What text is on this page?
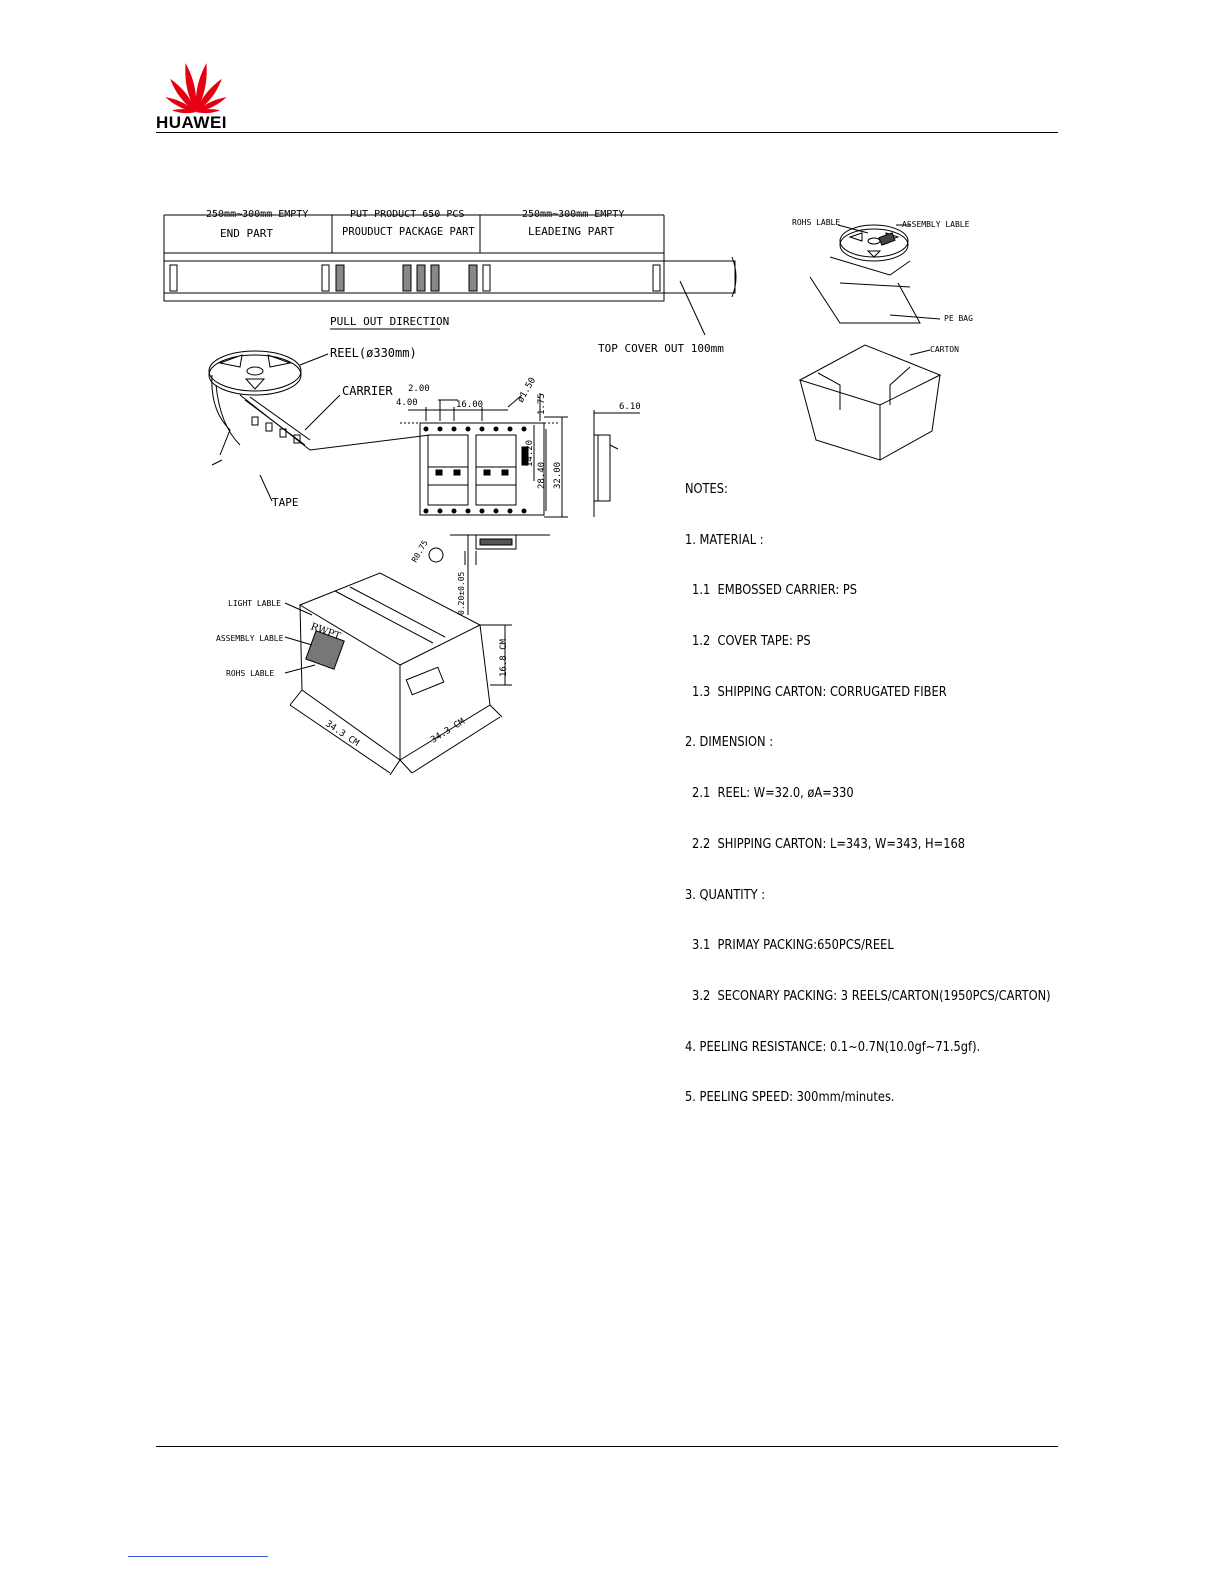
HUAWEI
250mm~300mm EMPTY	PUT PRODUCT 650 PCS	250mm~300mm EMPTY
END PART	PROUDUCT PACKAGE PART	LEADEING PART
PULL OUT DIRECTION
TOP COVER OUT 100mm
REEL(ø330mm)
CARRIER
TAPE
2.00
4.00	16.00
ø1.50
1.75
14.20
28.40 32.00
6.10
R0.75
0.20±0.05
ROHS LABLE	ASSEMBLY LABLE
PE BAG
CARTON
LIGHT LABLE
ASSEMBLY LABLE
ROHS LABLE	16.8 CM
34.3 CM	34.3 CM
RWPT

NOTES:

1. MATERIAL :

1.1  EMBOSSED CARRIER: PS

1.2  COVER TAPE: PS

1.3  SHIPPING CARTON: CORRUGATED FIBER

2. DIMENSION :

2.1  REEL: W=32.0, øA=330

2.2  SHIPPING CARTON: L=343, W=343, H=168

3. QUANTITY :

3.1  PRIMAY PACKING:650PCS/REEL

3.2  SECONARY PACKING: 3 REELS/CARTON(1950PCS/CARTON)

4. PEELING RESISTANCE: 0.1~0.7N(10.0gf~71.5gf).

5. PEELING SPEED: 300mm/minutes.
